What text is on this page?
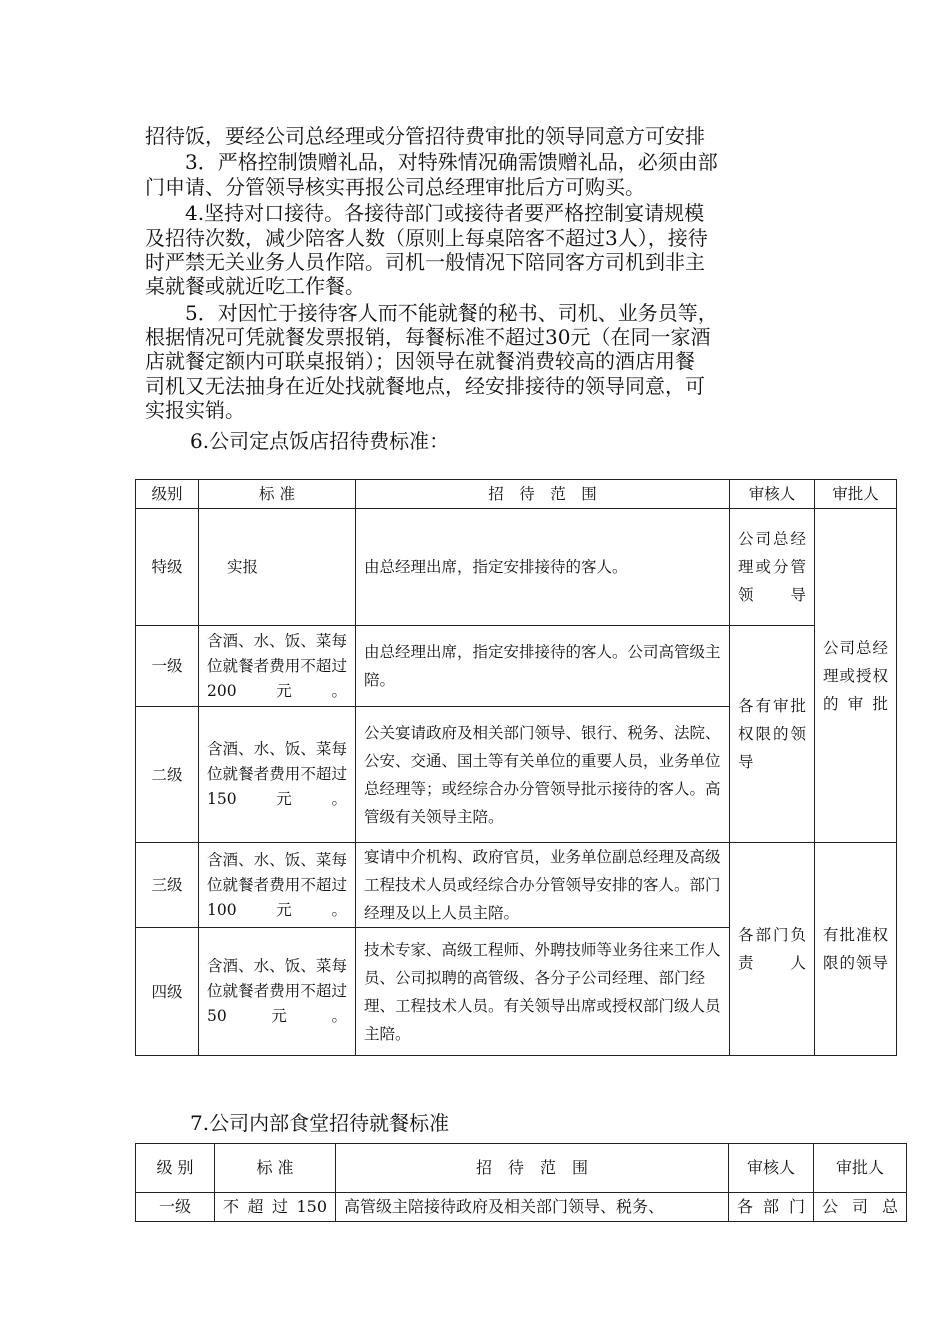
招待饭，要经公司总经理或分管招待费审批的领导同意方可安排

　　3．严格控制馈赠礼品，对特殊情况确需馈赠礼品，必须由部

门申请、分管领导核实再报公司总经理审批后方可购买。

　　4.坚持对口接待。各接待部门或接待者要严格控制宴请规模

及招待次数，减少陪客人数（原则上每桌陪客不超过3人），接待

时严禁无关业务人员作陪。司机一般情况下陪同客方司机到非主

桌就餐或就近吃工作餐。

　　5．对因忙于接待客人而不能就餐的秘书、司机、业务员等，

根据情况可凭就餐发票报销，每餐标准不超过30元（在同一家酒

店就餐定额内可联桌报销）；因领导在就餐消费较高的酒店用餐

司机又无法抽身在近处找就餐地点，经安排接待的领导同意，可

实报实销。

6.公司定点饭店招待费标准：

级别	标 准	招　待　范　围	审核人	审批人
特级	实报	由总经理出席，指定安排接待的客人。	公司总经理或分管领导	公司总经理或授权的审批
一级	含酒、水、饭、菜每位就餐者费用不超过200元。	由总经理出席，指定安排接待的客人。公司高管级主陪。	各有审批权限的领导	
二级	含酒、水、饭、菜每位就餐者费用不超过150元。	公关宴请政府及相关部门领导、银行、税务、法院、公安、交通、国土等有关单位的重要人员，业务单位总经理等；或经综合办分管领导批示接待的客人。高管级有关领导主陪。		
三级	含酒、水、饭、菜每位就餐者费用不超过100元。	宴请中介机构、政府官员，业务单位副总经理及高级工程技术人员或经综合办分管领导安排的客人。部门经理及以上人员主陪。	各部门负责人	有批准权限的领导
四级	含酒、水、饭、菜每位就餐者费用不超过50元。	技术专家、高级工程师、外聘技师等业务往来工作人员、公司拟聘的高管级、各分子公司经理、部门经理、工程技术人员。有关领导出席或授权部门级人员主陪。		

7.公司内部食堂招待就餐标准

级 别	标 准	招　待　范　围	审核人	审批人
一级	不超过150	高管级主陪接待政府及相关部门领导、税务、	各部门	公司总
